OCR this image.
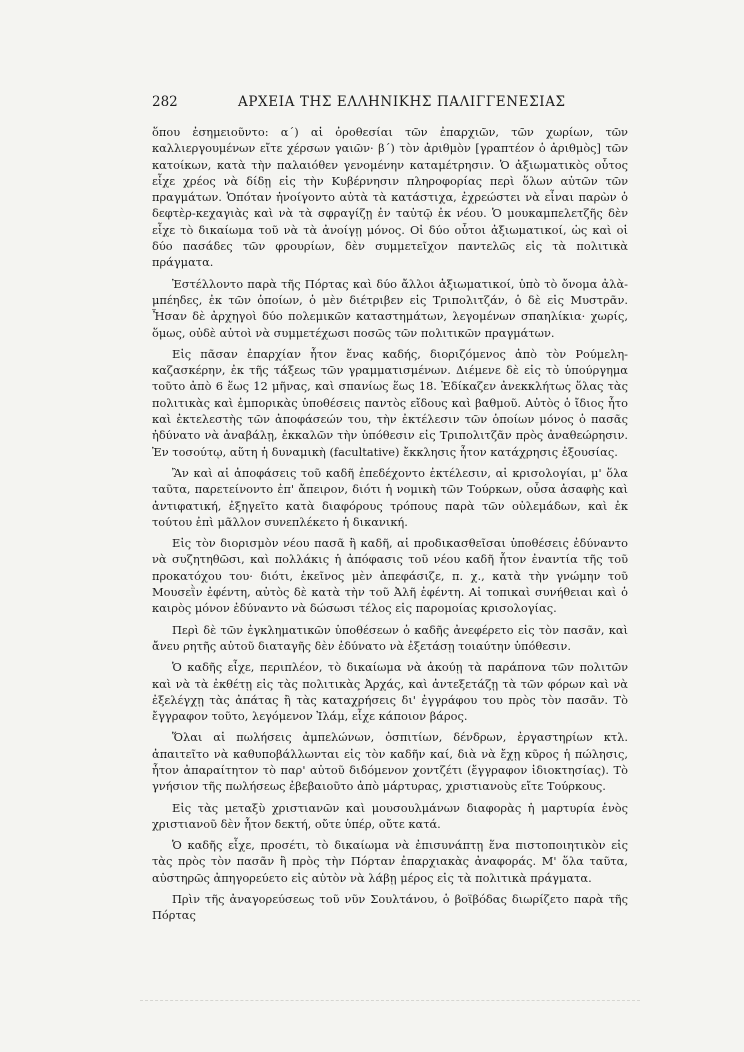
282	ΑΡΧΕΙΑ ΤΗΣ ΕΛΛΗΝΙΚΗΣ ΠΑΛΙΓΓΕΝΕΣΙΑΣ

ὅπου ἐσημειοῦντο: α΄) αἱ ὀροθεσίαι τῶν ἐπαρχιῶν, τῶν χωρίων, τῶν καλλιεργουμένων εἴτε χέρσων γαιῶν· β΄) τὸν ἀριθμὸν [γραπτέον ὁ ἀριθμὸς] τῶν κατοίκων, κατὰ τὴν παλαιόθεν γενομένην καταμέτρησιν. Ὁ ἀξιωματικὸς οὗτος εἶχε χρέος νὰ δίδῃ εἰς τὴν Κυβέρνησιν πληροφορίας περὶ ὅλων αὐτῶν τῶν πραγμάτων. Ὁπόταν ἠνοίγοντο αὐτὰ τὰ κατάστιχα, ἐχρεώστει νὰ εἶναι παρὼν ὁ δεφτὲρ-κεχαγιὰς καὶ νὰ τὰ σφραγίζῃ ἐν ταὐτῷ ἐκ νέου. Ὁ μουκαμπελετζῆς δὲν εἶχε τὸ δικαίωμα τοῦ νὰ τὰ ἀνοίγῃ μόνος. Οἱ δύο οὗτοι ἀξιωματικοί, ὡς καὶ οἱ δύο πασάδες τῶν φρουρίων, δὲν συμμετεῖχον παντελῶς εἰς τὰ πολιτικὰ πράγματα.

Ἐστέλλοντο παρὰ τῆς Πόρτας καὶ δύο ἄλλοι ἀξιωματικοί, ὑπὸ τὸ ὄνομα ἀλὰ-μπέηδες, ἐκ τῶν ὁποίων, ὁ μὲν διέτριβεν εἰς Τριπολιτζάν, ὁ δὲ εἰς Μυστρᾶν. Ἦσαν δὲ ἀρχηγοὶ δύο πολεμικῶν καταστημάτων, λεγομένων σπαηλίκια· χωρίς, ὅμως, οὐδὲ αὐτοὶ νὰ συμμετέχωσι ποσῶς τῶν πολιτικῶν πραγμάτων.

Εἰς πᾶσαν ἐπαρχίαν ἦτον ἕνας καδής, διοριζόμενος ἀπὸ τὸν Ρούμελη-καζασκέρην, ἐκ τῆς τάξεως τῶν γραμματισμένων. Διέμενε δὲ εἰς τὸ ὑπούργημα τοῦτο ἀπὸ 6 ἕως 12 μῆνας, καὶ σπανίως ἕως 18. Ἐδίκαζεν ἀνεκκλήτως ὅλας τὰς πολιτικὰς καὶ ἐμπορικὰς ὑποθέσεις παντὸς εἴδους καὶ βαθμοῦ. Αὐτὸς ὁ ἴδιος ἦτο καὶ ἐκτελεστὴς τῶν ἀποφάσεών του, τὴν ἐκτέλεσιν τῶν ὁποίων μόνος ὁ πασᾶς ἠδύνατο νὰ ἀναβάλῃ, ἐκκαλῶν τὴν ὑπόθεσιν εἰς Τριπολιτζᾶν πρὸς ἀναθεώρησιν. Ἐν τοσούτῳ, αὕτη ἡ δυναμικὴ (facultative) ἔκκλησις ἦτον κατάχρησις ἐξουσίας.

Ἂν καὶ αἱ ἀποφάσεις τοῦ καδῆ ἐπεδέχοντο ἐκτέλεσιν, αἱ κρισολογίαι, μ' ὅλα ταῦτα, παρετείνοντο ἐπ' ἄπειρον, διότι ἡ νομικὴ τῶν Τούρκων, οὖσα ἀσαφὴς καὶ ἀντιφατική, ἐξηγεῖτο κατὰ διαφόρους τρόπους παρὰ τῶν οὐλεμάδων, καὶ ἐκ τούτου ἐπὶ μᾶλλον συνεπλέκετο ἡ δικανική.

Εἰς τὸν διορισμὸν νέου πασᾶ ἢ καδῆ, αἱ προδικασθεῖσαι ὑποθέσεις ἐδύναντο νὰ συζητηθῶσι, καὶ πολλάκις ἡ ἀπόφασις τοῦ νέου καδῆ ἦτον ἐναντία τῆς τοῦ προκατόχου του· διότι, ἐκεῖνος μὲν ἀπεφάσιζε, π. χ., κατὰ τὴν γνώμην τοῦ Μουσεῒν ἐφέντη, αὐτὸς δὲ κατὰ τὴν τοῦ Ἀλῆ ἐφέντη. Αἱ τοπικαὶ συνήθειαι καὶ ὁ καιρὸς μόνον ἐδύναντο νὰ δώσωσι τέλος εἰς παρομοίας κρισολογίας.

Περὶ δὲ τῶν ἐγκληματικῶν ὑποθέσεων ὁ καδῆς ἀνεφέρετο εἰς τὸν πασᾶν, καὶ ἄνευ ρητῆς αὐτοῦ διαταγῆς δὲν ἐδύνατο νὰ ἐξετάσῃ τοιαύτην ὑπόθεσιν.

Ὁ καδῆς εἶχε, περιπλέον, τὸ δικαίωμα νὰ ἀκούῃ τὰ παράπονα τῶν πολιτῶν καὶ νὰ τὰ ἐκθέτῃ εἰς τὰς πολιτικὰς Ἀρχάς, καὶ ἀντεξετάζῃ τὰ τῶν φόρων καὶ νὰ ἐξελέγχῃ τὰς ἀπάτας ἢ τὰς καταχρήσεις δι' ἐγγράφου του πρὸς τὸν πασᾶν. Τὸ ἔγγραφον τοῦτο, λεγόμενον Ἰλάμ, εἶχε κάποιον βάρος.

Ὅλαι αἱ πωλήσεις ἀμπελώνων, ὀσπιτίων, δένδρων, ἐργαστηρίων κτλ. ἀπαιτεῖτο νὰ καθυποβάλλωνται εἰς τὸν καδῆν καί, διὰ νὰ ἔχῃ κῦρος ἡ πώλησις, ἦτον ἀπαραίτητον τὸ παρ' αὐτοῦ διδόμενον χοντζέτι (ἔγγραφον ἰδιοκτησίας). Τὸ γνήσιον τῆς πωλήσεως ἐβεβαιοῦτο ἀπὸ μάρτυρας, χριστιανοὺς εἴτε Τούρκους.

Εἰς τὰς μεταξὺ χριστιανῶν καὶ μουσουλμάνων διαφορὰς ἡ μαρτυρία ἑνὸς χριστιανοῦ δὲν ἦτον δεκτή, οὔτε ὑπέρ, οὔτε κατά.

Ὁ καδῆς εἶχε, προσέτι, τὸ δικαίωμα νὰ ἐπισυνάπτῃ ἕνα πιστοποιητικὸν εἰς τὰς πρὸς τὸν πασᾶν ἢ πρὸς τὴν Πόρταν ἐπαρχιακὰς ἀναφοράς. Μ' ὅλα ταῦτα, αὐστηρῶς ἀπηγορεύετο εἰς αὐτὸν νὰ λάβῃ μέρος εἰς τὰ πολιτικὰ πράγματα.

Πρὶν τῆς ἀναγορεύσεως τοῦ νῦν Σουλτάνου, ὁ βοϊβόδας διωρίζετο παρὰ τῆς Πόρτας
